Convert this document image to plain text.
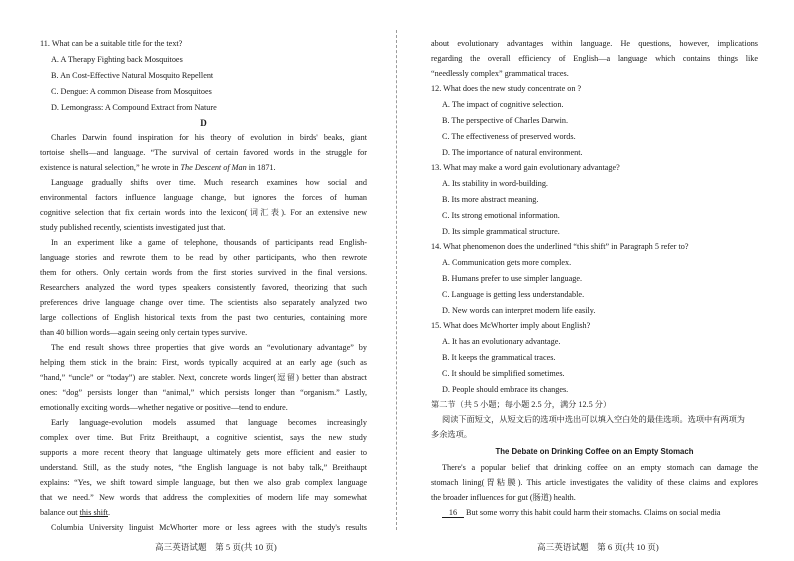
11. What can be a suitable title for the text?
A. A Therapy Fighting back Mosquitoes
B. An Cost-Effective Natural Mosquito Repellent
C. Dengue: A common Disease from Mosquitoes
D. Lemongrass: A Compound Extract from Nature
D
Charles Darwin found inspiration for his theory of evolution in birds' beaks, giant
tortoise shells—and language. “The survival of certain favored words in the struggle for
existence is natural selection,” he wrote in The Descent of Man in 1871.
Language gradually shifts over time. Much research examines how social and
environmental factors influence language change, but ignores the forces of human
cognitive selection that fix certain words into the lexicon(词汇表). For an extensive new
study published recently, scientists investigated just that.
In an experiment like a game of telephone, thousands of participants read English-
language stories and rewrote them to be read by other participants, who then rewrote
them for others. Only certain words from the first stories survived in the final versions.
Researchers analyzed the word types speakers consistently favored, theorizing that such
preferences drive language change over time. The scientists also separately analyzed two
large collections of English historical texts from the past two centuries, containing more
than 40 billion words—again seeing only certain types survive.
The end result shows three properties that give words an “evolutionary advantage” by
helping them stick in the brain: First, words typically acquired at an early age (such as
“hand,” “uncle” or “today”) are stabler. Next, concrete words linger(逗留) better than abstract
ones: “dog” persists longer than “animal,” which persists longer than “organism.” Lastly,
emotionally exciting words—whether negative or positive—tend to endure.
Early language-evolution models assumed that language becomes increasingly
complex over time. But Fritz Breithaupt, a cognitive scientist, says the new study
supports a more recent theory that language ultimately gets more efficient and easier to
understand. Still, as the study notes, “the English language is not baby talk,” Breithaupt
explains: “Yes, we shift toward simple language, but then we also grab complex language
that we need.” New words that address the complexities of modern life may somewhat
balance out this shift.
Columbia University linguist McWhorter more or less agrees with the study's results
高三英语试题　第 5 页(共 10 页)
about evolutionary advantages within language. He questions, however, implications
regarding the overall efficiency of English—a language which contains things like
“needlessly complex” grammatical traces.
12. What does the new study concentrate on ?
A. The impact of cognitive selection.
B. The perspective of Charles Darwin.
C. The effectiveness of preserved words.
D. The importance of natural environment.
13. What may make a word gain evolutionary advantage?
A. Its stability in word-building.
B. Its more abstract meaning.
C. Its strong emotional information.
D. Its simple grammatical structure.
14. What phenomenon does the underlined “this shift” in Paragraph 5 refer to?
A. Communication gets more complex.
B. Humans prefer to use simpler language.
C. Language is getting less understandable.
D. New words can interpret modern life easily.
15. What does McWhorter imply about English?
A. It has an evolutionary advantage.
B. It keeps the grammatical traces.
C. It should be simplified sometimes.
D. People should embrace its changes.
第二节（共 5 小题；每小题 2.5 分，满分 12.5 分）
阅读下面短文，从短文后的选项中选出可以填入空白处的最佳选项。选项中有两项为
多余选项。
The Debate on Drinking Coffee on an Empty Stomach
There's a popular belief that drinking coffee on an empty stomach can damage the
stomach lining(胃粘膜). This article investigates the validity of these claims and explores
the broader influences for gut (肠道) health.
16 But some worry this habit could harm their stomachs. Claims on social media
高三英语试题　第 6 页(共 10 页)
